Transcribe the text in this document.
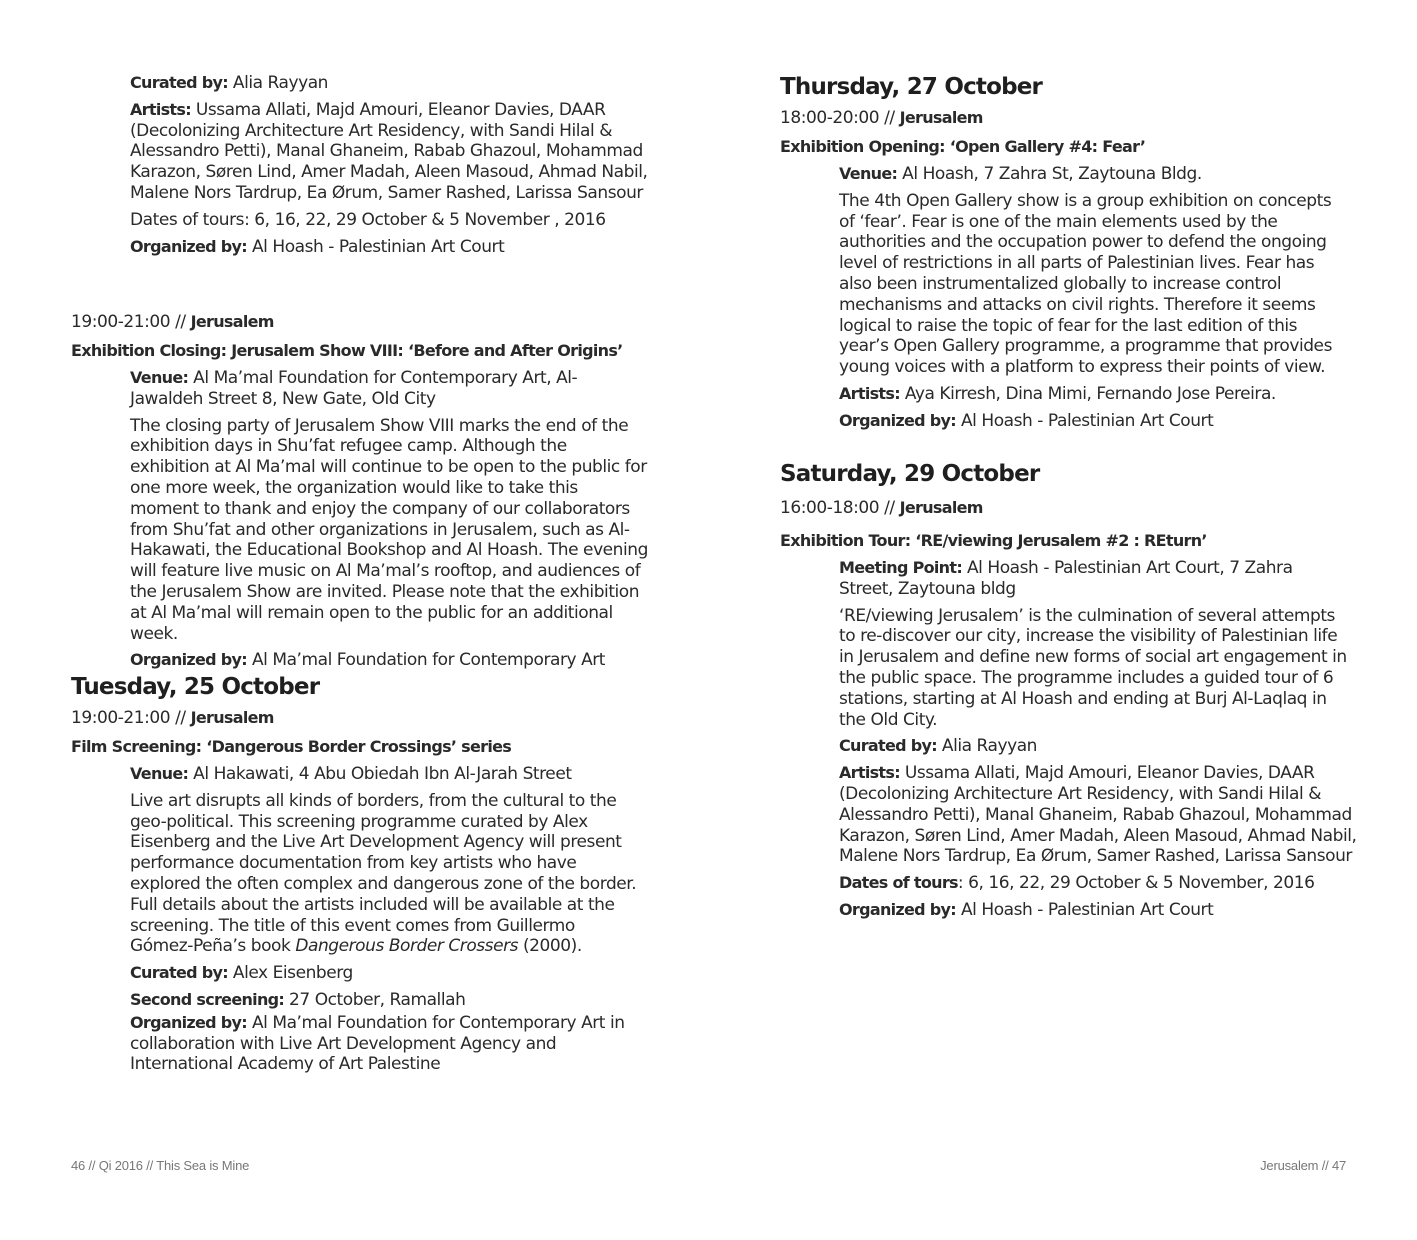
Curated by: Alia Rayyan

Artists: Ussama Allati, Majd Amouri, Eleanor Davies, DAAR (Decolonizing Architecture Art Residency, with Sandi Hilal & Alessandro Petti), Manal Ghaneim, Rabab Ghazoul, Mohammad Karazon, Søren Lind, Amer Madah, Aleen Masoud, Ahmad Nabil, Malene Nors Tardrup, Ea Ørum, Samer Rashed, Larissa Sansour

Dates of tours: 6, 16, 22, 29 October & 5 November , 2016

Organized by: Al Hoash - Palestinian Art Court

19:00-21:00 // Jerusalem

Exhibition Closing: Jerusalem Show VIII: ‘Before and After Origins’

Venue: Al Ma’mal Foundation for Contemporary Art, Al-Jawaldeh Street 8, New Gate, Old City

The closing party of Jerusalem Show VIII marks the end of the exhibition days in Shu’fat refugee camp. Although the exhibition at Al Ma’mal will continue to be open to the public for one more week, the organization would like to take this moment to thank and enjoy the company of our collaborators from Shu’fat and other organizations in Jerusalem, such as Al-Hakawati, the Educational Bookshop and Al Hoash. The evening will feature live music on Al Ma’mal’s rooftop, and audiences of the Jerusalem Show are invited. Please note that the exhibition at Al Ma’mal will remain open to the public for an additional week.

Organized by: Al Ma’mal Foundation for Contemporary Art

Tuesday, 25 October

19:00-21:00 // Jerusalem

Film Screening: ‘Dangerous Border Crossings’ series

Venue: Al Hakawati, 4 Abu Obiedah Ibn Al-Jarah Street

Live art disrupts all kinds of borders, from the cultural to the geo-political. This screening programme curated by Alex Eisenberg and the Live Art Development Agency will present performance documentation from key artists who have explored the often complex and dangerous zone of the border. Full details about the artists included will be available at the screening. The title of this event comes from Guillermo Gómez-Peña’s book Dangerous Border Crossers (2000).

Curated by: Alex Eisenberg

Second screening: 27 October, Ramallah

Organized by: Al Ma’mal Foundation for Contemporary Art in collaboration with Live Art Development Agency and International Academy of Art Palestine

Thursday, 27 October

18:00-20:00 // Jerusalem

Exhibition Opening: ‘Open Gallery #4: Fear’

Venue: Al Hoash, 7 Zahra St, Zaytouna Bldg.

The 4th Open Gallery show is a group exhibition on concepts of ‘fear’. Fear is one of the main elements used by the authorities and the occupation power to defend the ongoing level of restrictions in all parts of Palestinian lives. Fear has also been instrumentalized globally to increase control mechanisms and attacks on civil rights. Therefore it seems logical to raise the topic of fear for the last edition of this year’s Open Gallery programme, a programme that provides young voices with a platform to express their points of view.

Artists: Aya Kirresh, Dina Mimi, Fernando Jose Pereira.

Organized by: Al Hoash - Palestinian Art Court

Saturday, 29 October

16:00-18:00 // Jerusalem

Exhibition Tour: ‘RE/viewing Jerusalem #2 : REturn’

Meeting Point: Al Hoash - Palestinian Art Court, 7 Zahra Street, Zaytouna bldg

‘RE/viewing Jerusalem’ is the culmination of several attempts to re-discover our city, increase the visibility of Palestinian life in Jerusalem and define new forms of social art engagement in the public space. The programme includes a guided tour of 6 stations, starting at Al Hoash and ending at Burj Al-Laqlaq in the Old City.

Curated by: Alia Rayyan

Artists: Ussama Allati, Majd Amouri, Eleanor Davies, DAAR (Decolonizing Architecture Art Residency, with Sandi Hilal & Alessandro Petti), Manal Ghaneim, Rabab Ghazoul, Mohammad Karazon, Søren Lind, Amer Madah, Aleen Masoud, Ahmad Nabil, Malene Nors Tardrup, Ea Ørum, Samer Rashed, Larissa Sansour

Dates of tours: 6, 16, 22, 29 October & 5 November, 2016

Organized by: Al Hoash - Palestinian Art Court

46 // Qi 2016 // This Sea is Mine	Jerusalem // 47
